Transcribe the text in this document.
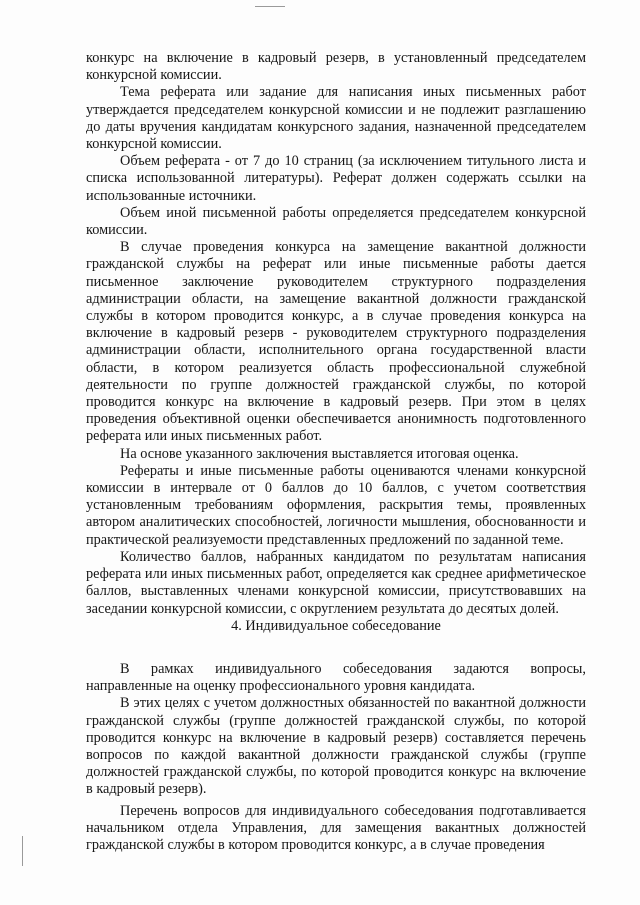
конкурс на включение в кадровый резерв, в установленный председателем конкурсной комиссии.

Тема реферата или задание для написания иных письменных работ утверждается председателем конкурсной комиссии и не подлежит разглашению до даты вручения кандидатам конкурсного задания, назначенной председателем конкурсной комиссии.

Объем реферата - от 7 до 10 страниц (за исключением титульного листа и списка использованной литературы). Реферат должен содержать ссылки на использованные источники.

Объем иной письменной работы определяется председателем конкурсной комиссии.

В случае проведения конкурса на замещение вакантной должности гражданской службы на реферат или иные письменные работы дается письменное заключение руководителем структурного подразделения администрации области, на замещение вакантной должности гражданской службы в котором проводится конкурс, а в случае проведения конкурса на включение в кадровый резерв - руководителем структурного подразделения администрации области, исполнительного органа государственной власти области, в котором реализуется область профессиональной служебной деятельности по группе должностей гражданской службы, по которой проводится конкурс на включение в кадровый резерв. При этом в целях проведения объективной оценки обеспечивается анонимность подготовленного реферата или иных письменных работ.

На основе указанного заключения выставляется итоговая оценка.

Рефераты и иные письменные работы оцениваются членами конкурсной комиссии в интервале от 0 баллов до 10 баллов, с учетом соответствия установленным требованиям оформления, раскрытия темы, проявленных автором аналитических способностей, логичности мышления, обоснованности и практической реализуемости представленных предложений по заданной теме.

Количество баллов, набранных кандидатом по результатам написания реферата или иных письменных работ, определяется как среднее арифметическое баллов, выставленных членами конкурсной комиссии, присутствовавших на заседании конкурсной комиссии, с округлением результата до десятых долей.

4. Индивидуальное собеседование

В рамках индивидуального собеседования задаются вопросы, направленные на оценку профессионального уровня кандидата.

В этих целях с учетом должностных обязанностей по вакантной должности гражданской службы (группе должностей гражданской службы, по которой проводится конкурс на включение в кадровый резерв) составляется перечень вопросов по каждой вакантной должности гражданской службы (группе должностей гражданской службы, по которой проводится конкурс на включение в кадровый резерв).

Перечень вопросов для индивидуального собеседования подготавливается начальником отдела Управления, для замещения вакантных должностей гражданской службы в котором проводится конкурс, а в случае проведения
